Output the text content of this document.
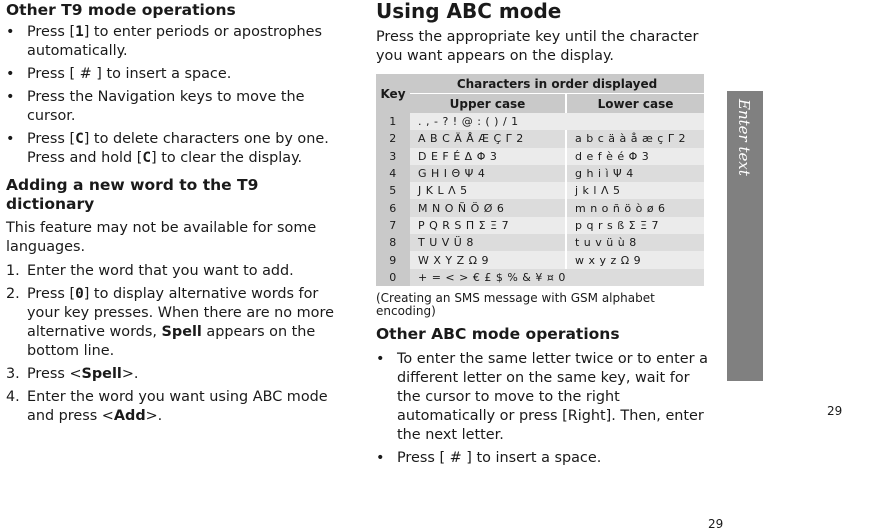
Other T9 mode operations
• Press [1] to enter periods or apostrophes automatically.
• Press [ # ] to insert a space.
• Press the Navigation keys to move the cursor.
• Press [C] to delete characters one by one. Press and hold [C] to clear the display.
Adding a new word to the T9 dictionary

This feature may not be available for some languages.

1. Enter the word that you want to add.
2. Press [0] to display alternative words for your key presses. When there are no more alternative words, Spell appears on the bottom line.
3. Press <Spell>.
4. Enter the word you want using ABC mode and press <Add>.
Using ABC mode

Press the appropriate key until the character you want appears on the display.

Key	Characters in order displayed	
	Upper case	Lower case
1	. , - ? ! @ : ( ) / 1	
2	A B C Ä Å Æ Ç Γ 2	a b c ä à å æ ç Γ 2
3	D E F É Δ Φ 3	d e f è é Φ 3
4	G H I Θ Ψ 4	g h i ì Ψ 4
5	J K L Λ 5	j k l Λ 5
6	M N O Ñ Ö Ø 6	m n o ñ ö ò ø 6
7	P Q R S Π Σ Ξ 7	p q r s ß Σ Ξ 7
8	T U V Ü 8	t u v ü ù 8
9	W X Y Z Ω 9	w x y z Ω 9
0	+ = < > € £ $ % & ¥ ¤ 0	

(Creating an SMS message with GSM alphabet encoding)

Other ABC mode operations
• To enter the same letter twice or to enter a different letter on the same key, wait for the cursor to move to the right automatically or press [Right]. Then, enter the next letter.
• Press [ # ] to insert a space.
Enter text
29
29
